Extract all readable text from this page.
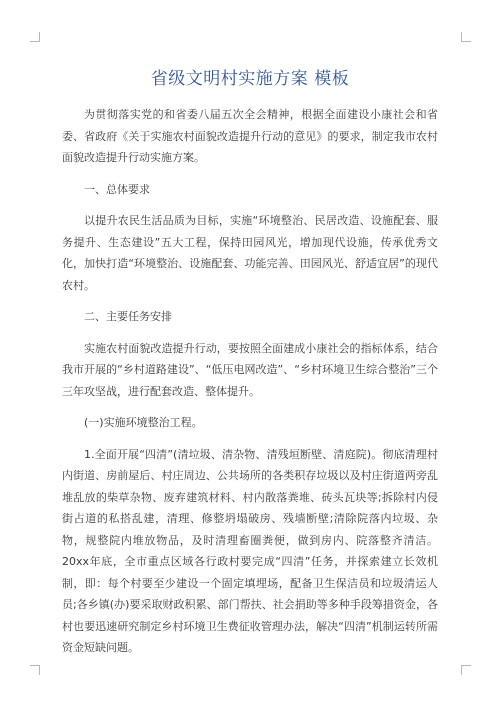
省级文明村实施方案 模板

为贯彻落实党的和省委八届五次全会精神，根据全面建设小康社会和省委、省政府《关于实施农村面貌改造提升行动的意见》的要求，制定我市农村面貌改造提升行动实施方案。

一、总体要求

以提升农民生活品质为目标，实施“环境整治、民居改造、设施配套、服务提升、生态建设”五大工程，保持田园风光，增加现代设施，传承优秀文化，加快打造“环境整治、设施配套、功能完善、田园风光、舒适宜居”的现代农村。

二、主要任务安排

实施农村面貌改造提升行动，要按照全面建成小康社会的指标体系，结合我市开展的“乡村道路建设”、“低压电网改造”、“乡村环境卫生综合整治”三个三年攻坚战，进行配套改造、整体提升。

(一)实施环境整治工程。

1.全面开展“四清”(清垃圾、清杂物、清残垣断壁、清庭院)。彻底清理村内街道、房前屋后、村庄周边、公共场所的各类积存垃圾以及村庄街道两旁乱堆乱放的柴草杂物、废弃建筑材料、村内散落粪堆、砖头瓦块等;拆除村内侵街占道的私搭乱建，清理、修整坍塌破房、残墙断壁;清除院落内垃圾、杂物，规整院内堆放物品，及时清理畜圈粪便，做到房内、院落整齐清洁。20xx年底，全市重点区域各行政村要完成“四清”任务，并探索建立长效机制，即：每个村要至少建设一个固定填埋场，配备卫生保洁员和垃圾清运人员;各乡镇(办)要采取财政积累、部门帮扶、社会捐助等多种手段筹措资金，各村也要迅速研究制定乡村环境卫生费征收管理办法，解决“四清”机制运转所需资金短缺问题。
